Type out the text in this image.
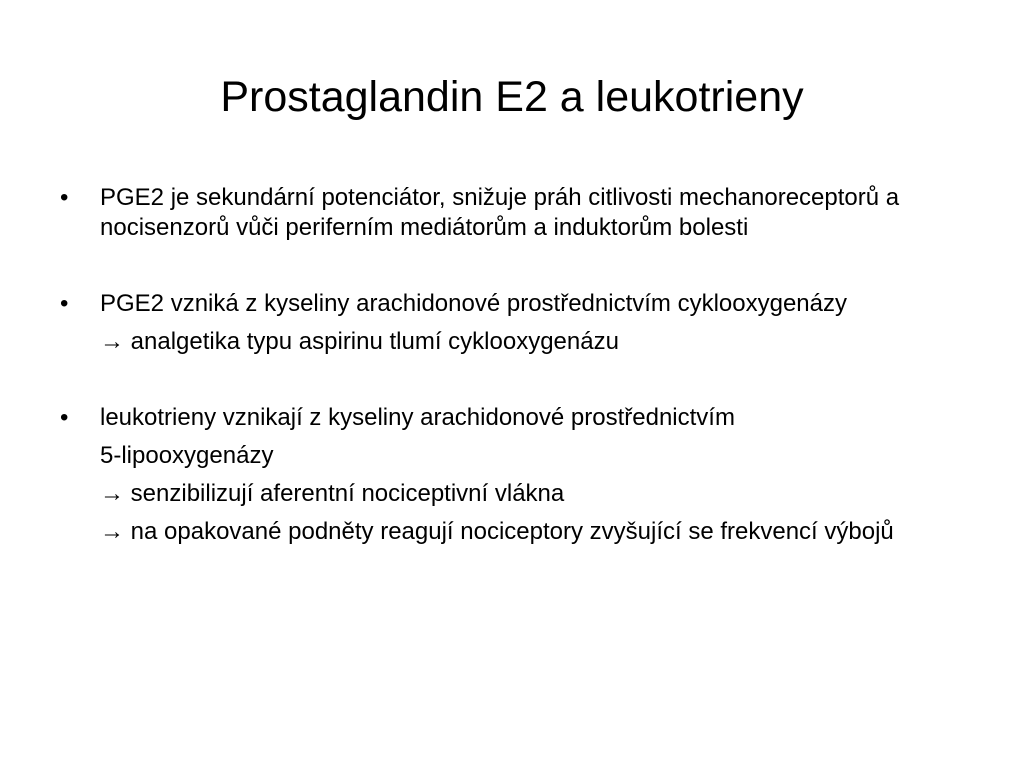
Prostaglandin E2 a leukotrieny
•	PGE2 je sekundární potenciátor, snižuje práh citlivosti mechanoreceptorů a nocisenzorů vůči periferním mediátorům a induktorům bolesti
•	PGE2 vzniká z kyseliny arachidonové prostřednictvím cyklooxygenázy
→ analgetika typu aspirinu tlumí cyklooxygenázu
•	leukotrieny vznikají z kyseliny arachidonové prostřednictvím
5-lipooxygenázy
→ senzibilizují aferentní nociceptivní vlákna
→ na opakované podněty reagují nociceptory zvyšující se frekvencí výbojů
